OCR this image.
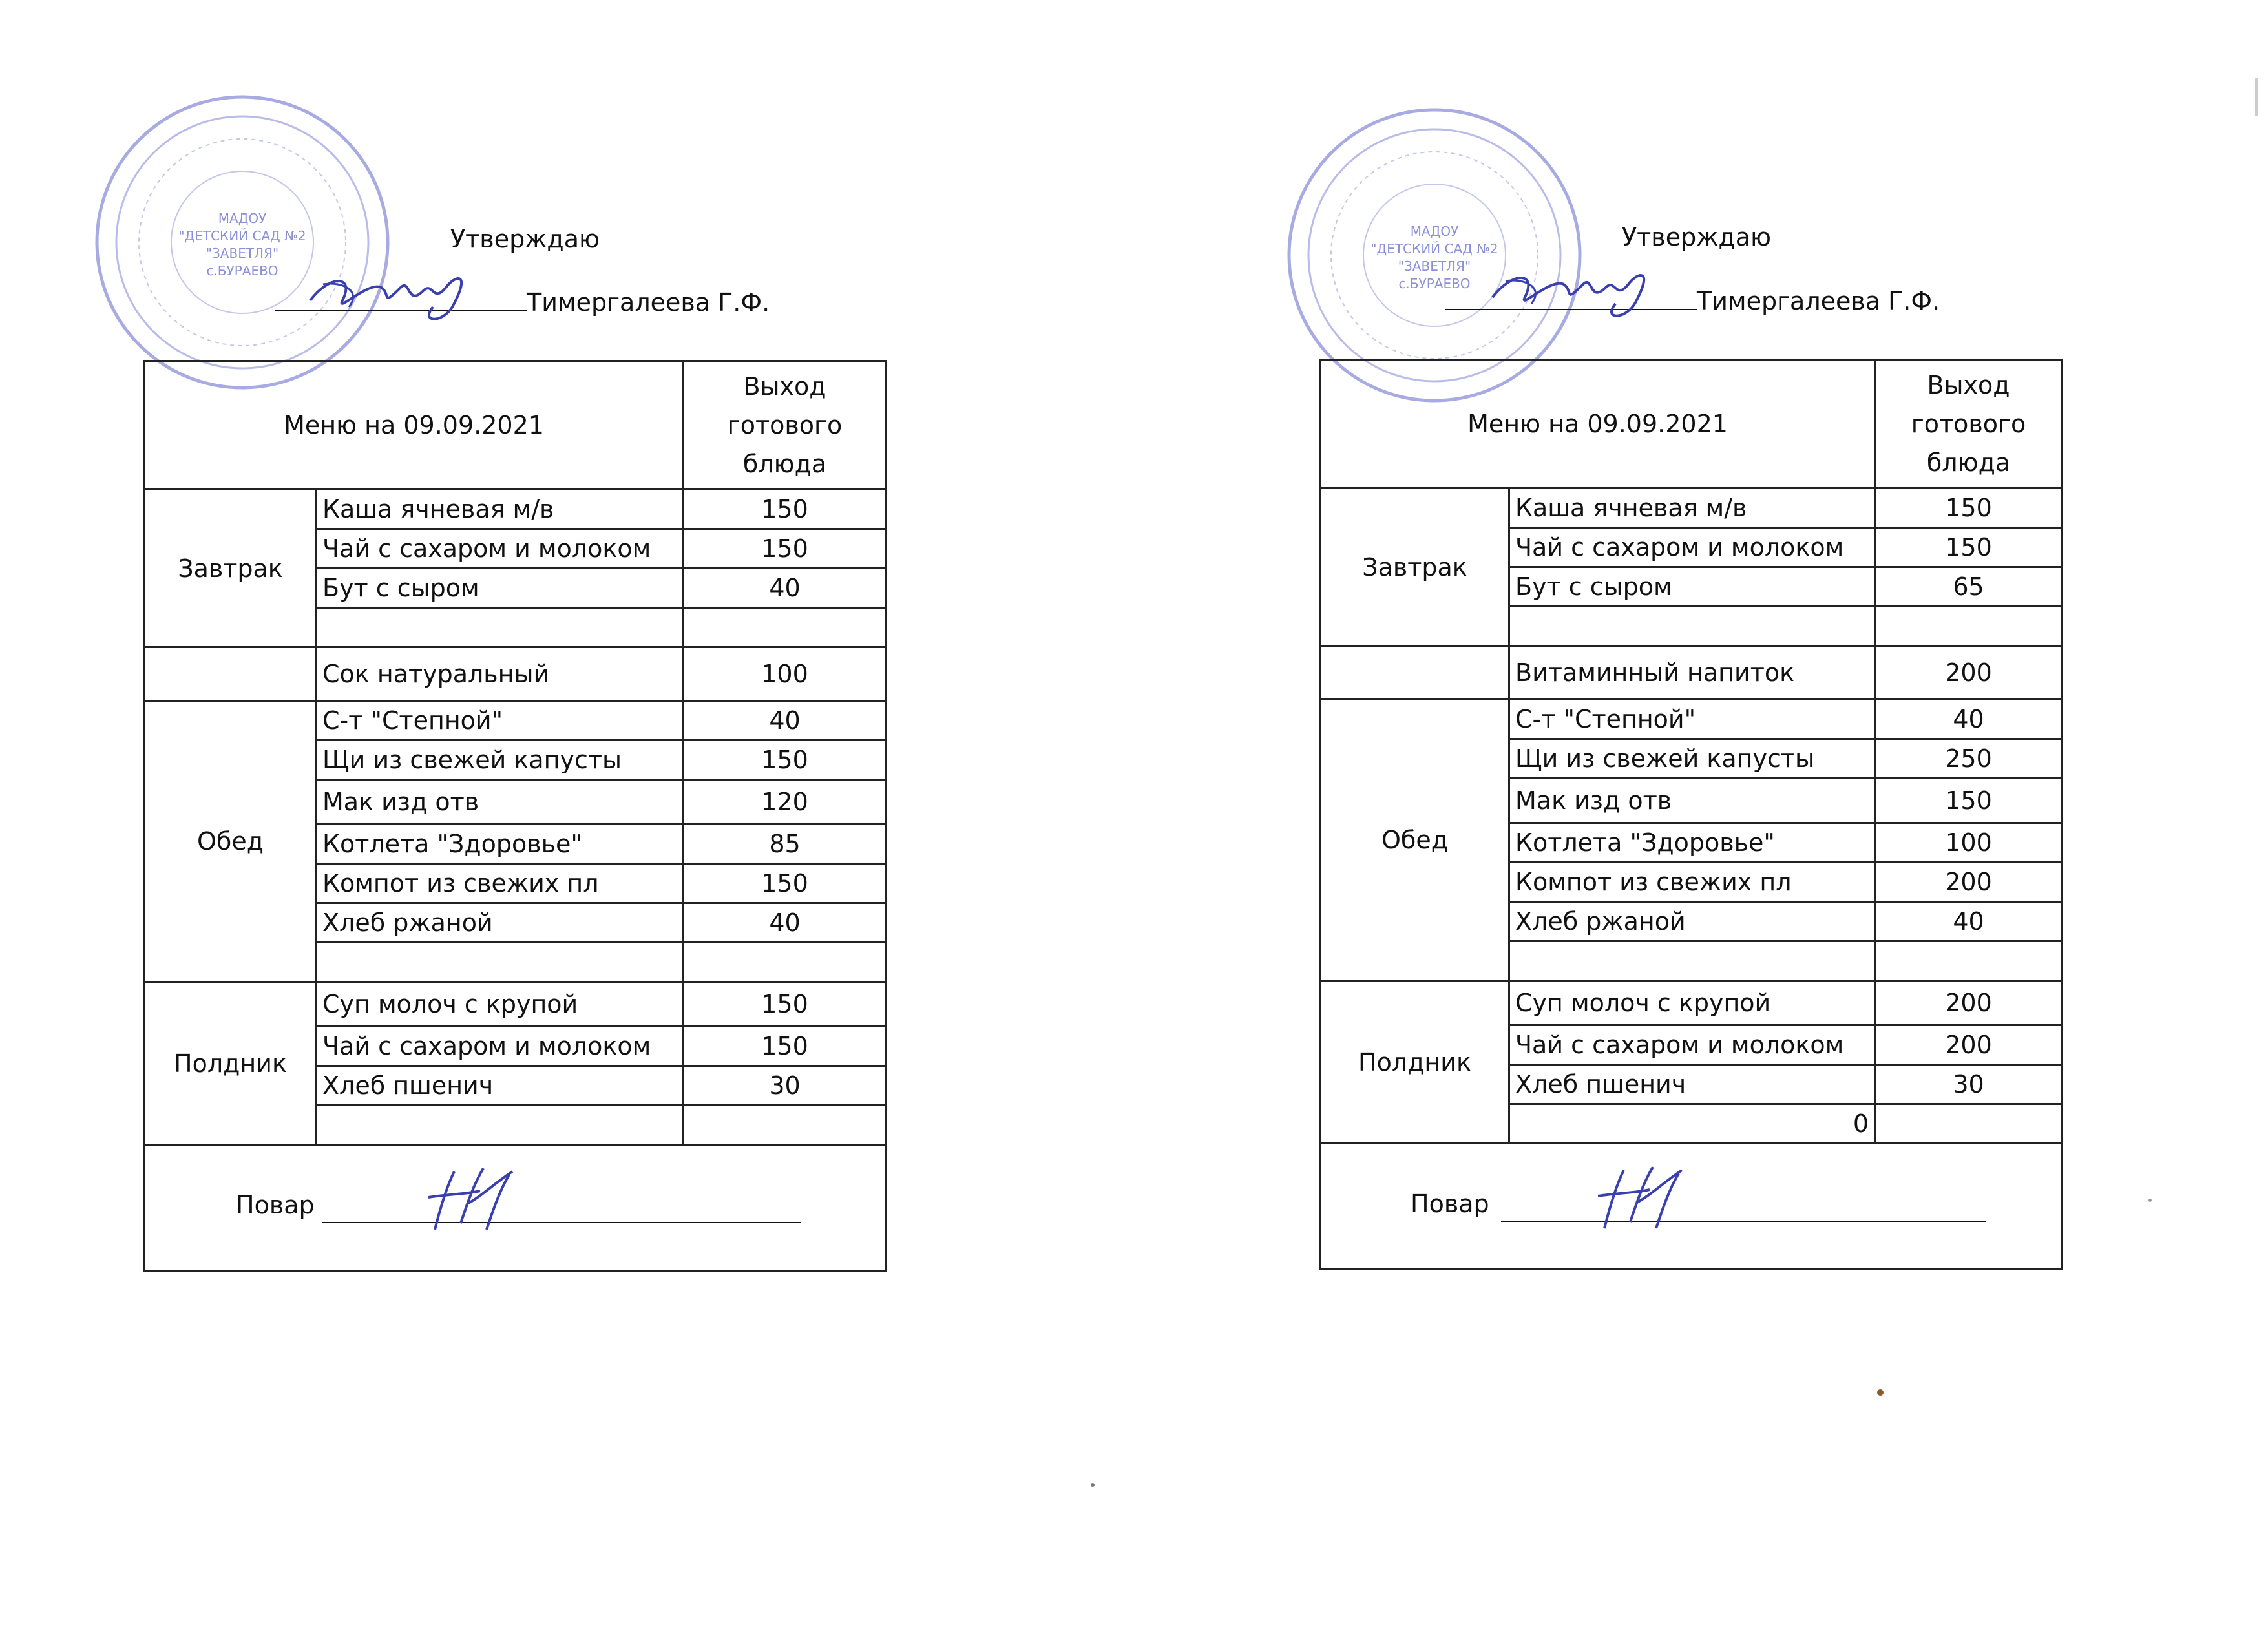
МАДОУ
"ДЕТСКИЙ САД №2
"ЗАВЕТЛЯ"
с.БУРАЕВО
Утверждаю
Тимергалеева Г.Ф.
Меню на 09.09.2021		Выход
готового
блюда

Завтрак	Каша ячневая м/в	150
	Чай с сахаром и молоком	150
	Бут с сыром	40

	Сок натуральный	100
Обед	С-т "Степной"	40
	Щи из свежей капусты	150
	Мак изд отв	120
	Котлета "Здоровье"	85
	Компот из свежих пл	150
	Хлеб ржаной	40

Полдник	Суп молоч с крупой	150
	Чай с сахаром и молоком	150
	Хлеб пшенич	30

Повар		
МАДОУ
"ДЕТСКИЙ САД №2
"ЗАВЕТЛЯ"
с.БУРАЕВО
Утверждаю
Тимергалеева Г.Ф.
Меню на 09.09.2021		Выход
готового
блюда

Завтрак	Каша ячневая м/в	150
	Чай с сахаром и молоком	150
	Бут с сыром	65

	Витаминный напиток	200
Обед	С-т "Степной"	40
	Щи из свежей капусты	250
	Мак изд отв	150
	Котлета "Здоровье"	100
	Компот из свежих пл	200
	Хлеб ржаной	40

Полдник	Суп молоч с крупой	200
	Чай с сахаром и молоком	200
	Хлеб пшенич	30
	0	

Повар		
